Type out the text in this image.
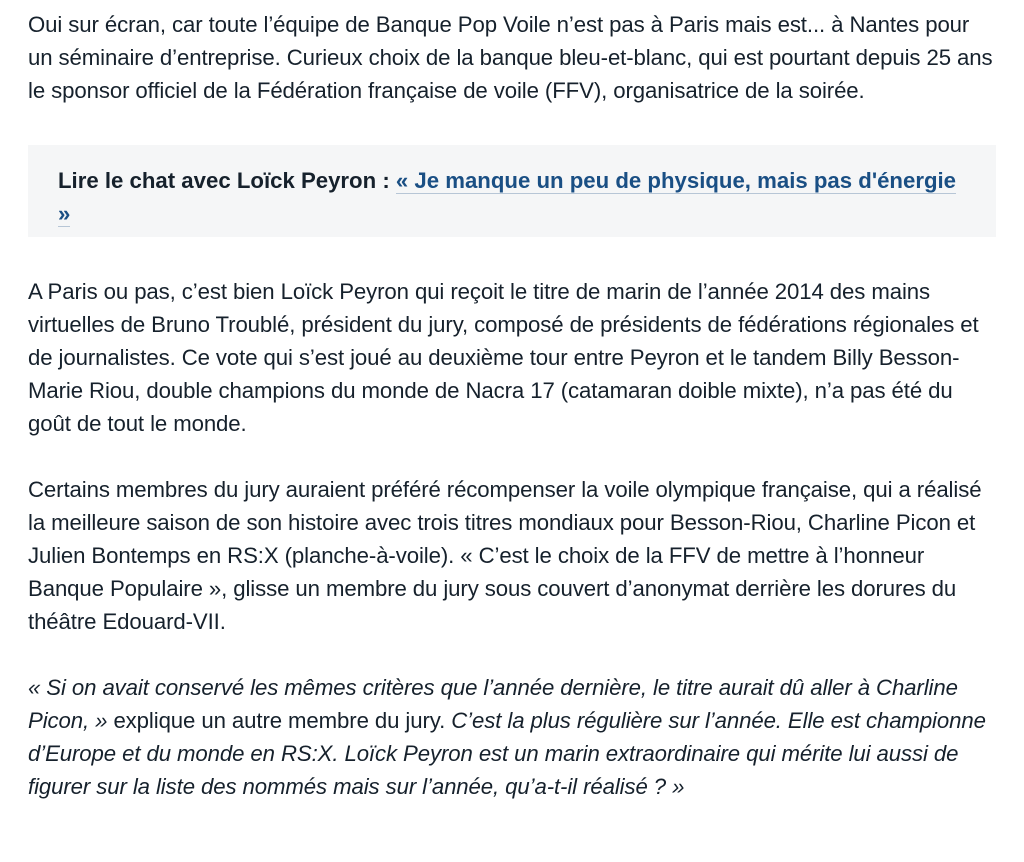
Oui sur écran, car toute l’équipe de Banque Pop Voile n’est pas à Paris mais est... à Nantes pour un séminaire d’entreprise. Curieux choix de la banque bleu-et-blanc, qui est pourtant depuis 25 ans le sponsor officiel de la Fédération française de voile (FFV), organisatrice de la soirée.

Lire le chat avec Loïck Peyron : « Je manque un peu de physique, mais pas d'énergie »

A Paris ou pas, c’est bien Loïck Peyron qui reçoit le titre de marin de l’année 2014 des mains virtuelles de Bruno Troublé, président du jury, composé de présidents de fédérations régionales et de journalistes. Ce vote qui s’est joué au deuxième tour entre Peyron et le tandem Billy Besson-Marie Riou, double champions du monde de Nacra 17 (catamaran doible mixte), n’a pas été du goût de tout le monde.

Certains membres du jury auraient préféré récompenser la voile olympique française, qui a réalisé la meilleure saison de son histoire avec trois titres mondiaux pour Besson-Riou, Charline Picon et Julien Bontemps en RS:X (planche-à-voile). « C’est le choix de la FFV de mettre à l’honneur Banque Populaire », glisse un membre du jury sous couvert d’anonymat derrière les dorures du théâtre Edouard-VII.

« Si on avait conservé les mêmes critères que l’année dernière, le titre aurait dû aller à Charline Picon, » explique un autre membre du jury. C’est la plus régulière sur l’année. Elle est championne d’Europe et du monde en RS:X. Loïck Peyron est un marin extraordinaire qui mérite lui aussi de figurer sur la liste des nommés mais sur l’année, qu’a-t-il réalisé ? »
